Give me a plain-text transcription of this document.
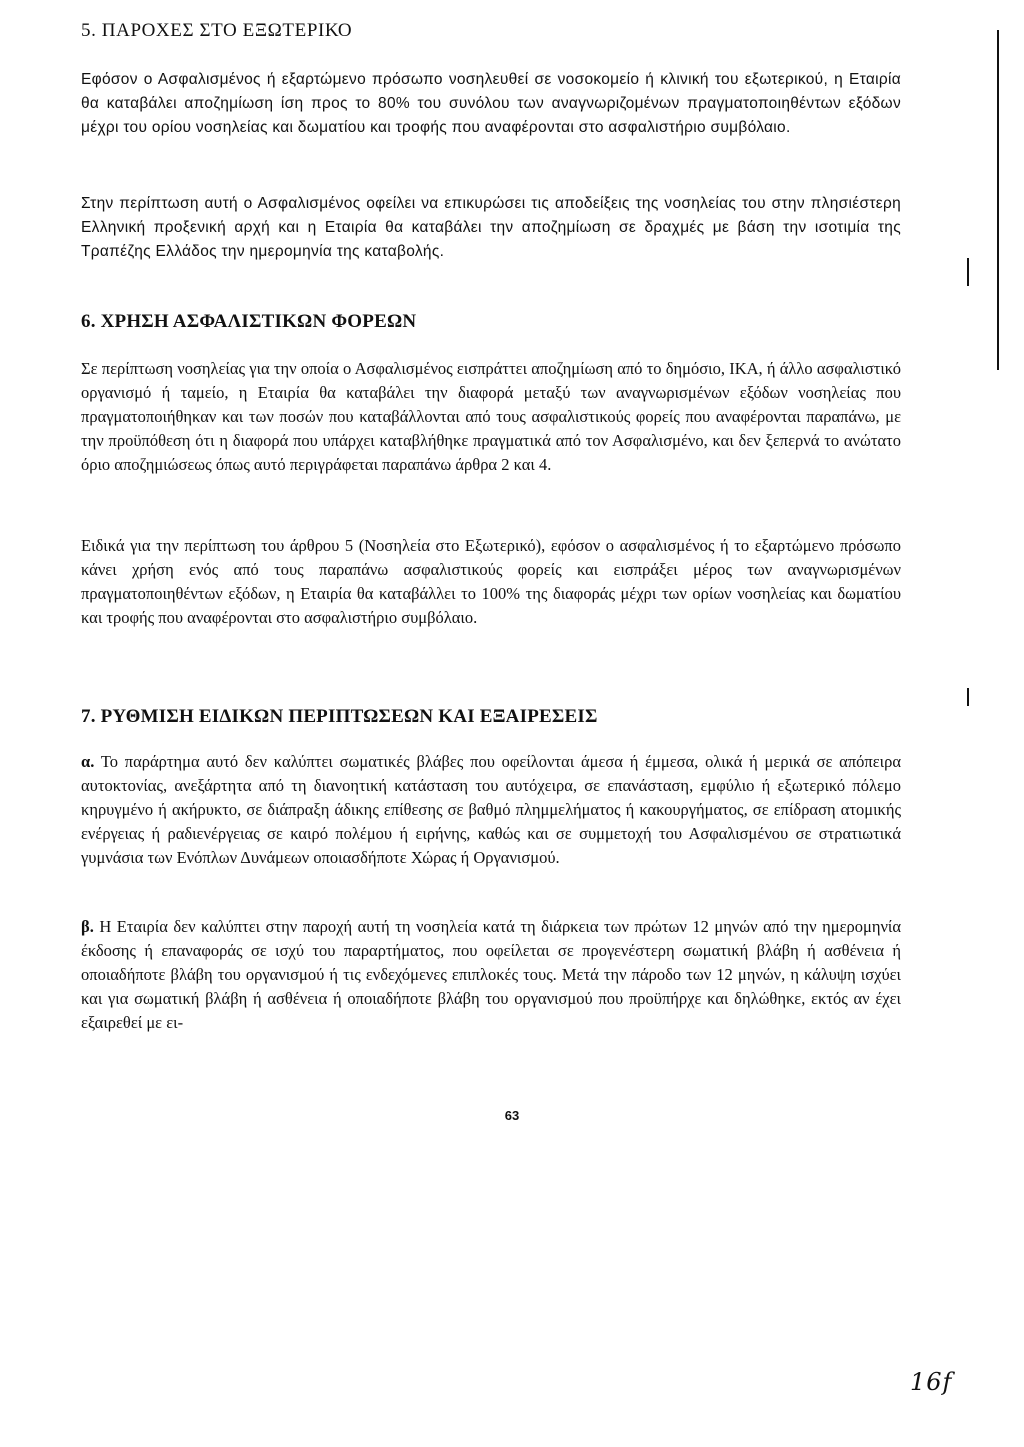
5. ΠΑΡΟΧΕΣ ΣΤΟ ΕΞΩΤΕΡΙΚΟ

Εφόσον ο Ασφαλισμένος ή εξαρτώμενο πρόσωπο νοσηλευθεί σε νοσοκομείο ή κλινική του εξωτερικού, η Εταιρία θα καταβάλει αποζημίωση ίση προς το 80% του συνόλου των αναγνωριζομένων πραγματοποιηθέντων εξόδων μέχρι του ορίου νοσηλείας και δωματίου και τροφής που αναφέρονται στο ασφαλιστήριο συμβόλαιο.

Στην περίπτωση αυτή ο Ασφαλισμένος οφείλει να επικυρώσει τις αποδείξεις της νοσηλείας του στην πλησιέστερη Ελληνική προξενική αρχή και η Εταιρία θα καταβάλει την αποζημίωση σε δραχμές με βάση την ισοτιμία της Τραπέζης Ελλάδος την ημερομηνία της καταβολής.

6. ΧΡΗΣΗ ΑΣΦΑΛΙΣΤΙΚΩΝ ΦΟΡΕΩΝ

Σε περίπτωση νοσηλείας για την οποία ο Ασφαλισμένος εισπράττει αποζημίωση από το δημόσιο, ΙΚΑ, ή άλλο ασφαλιστικό οργανισμό ή ταμείο, η Εταιρία θα καταβάλει την διαφορά μεταξύ των αναγνωρισμένων εξόδων νοσηλείας που πραγματοποιήθηκαν και των ποσών που καταβάλλονται από τους ασφαλιστικούς φορείς που αναφέρονται παραπάνω, με την προϋπόθεση ότι η διαφορά που υπάρχει καταβλήθηκε πραγματικά από τον Ασφαλισμένο, και δεν ξεπερνά το ανώτατο όριο αποζημιώσεως όπως αυτό περιγράφεται παραπάνω άρθρα 2 και 4.

Ειδικά για την περίπτωση του άρθρου 5 (Νοσηλεία στο Εξωτερικό), εφόσον ο ασφαλισμένος ή το εξαρτώμενο πρόσωπο κάνει χρήση ενός από τους παραπάνω ασφαλιστικούς φορείς και εισπράξει μέρος των αναγνωρισμένων πραγματοποιηθέντων εξόδων, η Εταιρία θα καταβάλλει το 100% της διαφοράς μέχρι των ορίων νοσηλείας και δωματίου και τροφής που αναφέρονται στο ασφαλιστήριο συμβόλαιο.

7. ΡΥΘΜΙΣΗ ΕΙΔΙΚΩΝ ΠΕΡΙΠΤΩΣΕΩΝ ΚΑΙ ΕΞΑΙΡΕΣΕΙΣ

α. Το παράρτημα αυτό δεν καλύπτει σωματικές βλάβες που οφείλονται άμεσα ή έμμεσα, ολικά ή μερικά σε απόπειρα αυτοκτονίας, ανεξάρτητα από τη διανοητική κατάσταση του αυτόχειρα, σε επανάσταση, εμφύλιο ή εξωτερικό πόλεμο κηρυγμένο ή ακήρυκτο, σε διάπραξη άδικης επίθεσης σε βαθμό πλημμελήματος ή κακουργήματος, σε επίδραση ατομικής ενέργειας ή ραδιενέργειας σε καιρό πολέμου ή ειρήνης, καθώς και σε συμμετοχή του Ασφαλισμένου σε στρατιωτικά γυμνάσια των Ενόπλων Δυνάμεων οποιασδήποτε Χώρας ή Οργανισμού.

β. Η Εταιρία δεν καλύπτει στην παροχή αυτή τη νοσηλεία κατά τη διάρκεια των πρώτων 12 μηνών από την ημερομηνία έκδοσης ή επαναφοράς σε ισχύ του παραρτήματος, που οφείλεται σε προγενέστερη σωματική βλάβη ή ασθένεια ή οποιαδήποτε βλάβη του οργανισμού ή τις ενδεχόμενες επιπλοκές τους. Μετά την πάροδο των 12 μηνών, η κάλυψη ισχύει και για σωματική βλάβη ή ασθένεια ή οποιαδήποτε βλάβη του οργανισμού που προϋπήρχε και δηλώθηκε, εκτός αν έχει εξαιρεθεί με ει-

63
16f
